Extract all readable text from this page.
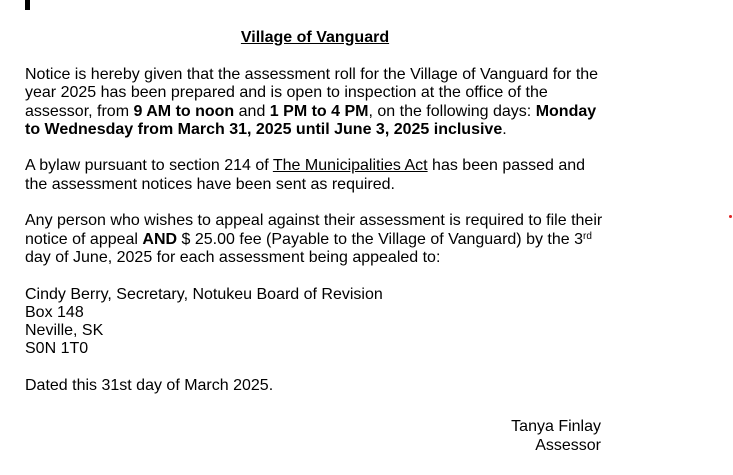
Village of Vanguard

Notice is hereby given that the assessment roll for the Village of Vanguard for the year 2025 has been prepared and is open to inspection at the office of the assessor, from 9 AM to noon and 1 PM to 4 PM, on the following days: Monday to Wednesday from March 31, 2025 until June 3, 2025 inclusive.

A bylaw pursuant to section 214 of The Municipalities Act has been passed and the assessment notices have been sent as required.

Any person who wishes to appeal against their assessment is required to file their notice of appeal AND $ 25.00 fee (Payable to the Village of Vanguard) by the 3rd day of June, 2025 for each assessment being appealed to:

Cindy Berry, Secretary, Notukeu Board of Revision
Box 148
Neville, SK
S0N 1T0

Dated this 31st day of March 2025.

Tanya Finlay
Assessor
